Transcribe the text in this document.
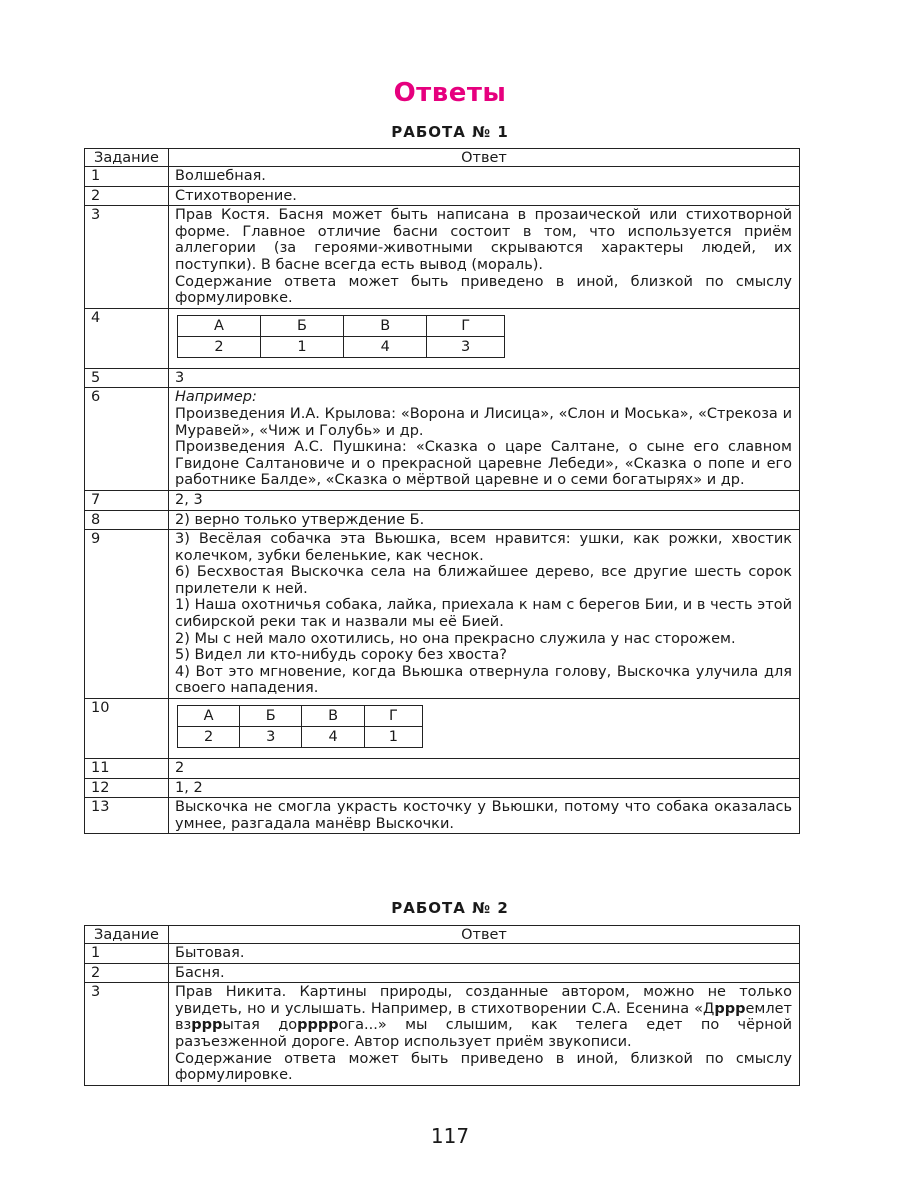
Ответы
РАБОТА № 1
Задание	Ответ
1	Волшебная.
2	Стихотворение.
3	Прав Костя. Басня может быть написана в прозаической или стихотворной форме. Главное отличие басни состоит в том, что используется приём аллегории (за героями-животными скрываются характеры людей, их поступки). В басне всегда есть вывод (мораль).
Содержание ответа может быть приведено в иной, близкой по смыслу формулировке.

4		А	Б	В	Г
2	1	4	3

5	3
6	Например:
Произведения И.А. Крылова: «Ворона и Лисица», «Слон и Моська», «Стрекоза и Муравей», «Чиж и Голубь» и др.
Произведения А.С. Пушкина: «Сказка о царе Салтане, о сыне его славном Гвидоне Салтановиче и о прекрасной царевне Лебеди», «Сказка о попе и его работнике Балде», «Сказка о мёртвой царевне и о семи богатырях» и др.

7	2, 3
8	2) верно только утверждение Б.
9	3) Весёлая собачка эта Вьюшка, всем нравится: ушки, как рожки, хвостик колечком, зубки беленькие, как чеснок.
6) Бесхвостая Выскочка села на ближайшее дерево, все другие шесть сорок прилетели к ней.
1) Наша охотничья собака, лайка, приехала к нам с берегов Бии, и в честь этой сибирской реки так и назвали мы её Бией.
2) Мы с ней мало охотились, но она прекрасно служила у нас сторожем.
5) Видел ли кто-нибудь сороку без хвоста?
4) Вот это мгновение, когда Вьюшка отвернула голову, Выскочка улучила для своего нападения.

10		А	Б	В	Г
2	3	4	1

11	2
12	1, 2
13	Выскочка не смогла украсть косточку у Вьюшки, потому что собака оказалась умнее, разгадала манёвр Выскочки.
РАБОТА № 2
Задание	Ответ
1	Бытовая.
2	Басня.
3	Прав Никита. Картины природы, созданные автором, можно не только увидеть, но и услышать. Например, в стихотворении С.А. Есенина «Дррремлет взрррытая доррррога...» мы слышим, как телега едет по чёрной разъезженной дороге. Автор использует приём звукописи.
Содержание ответа может быть приведено в иной, близкой по смыслу формулировке.
117
